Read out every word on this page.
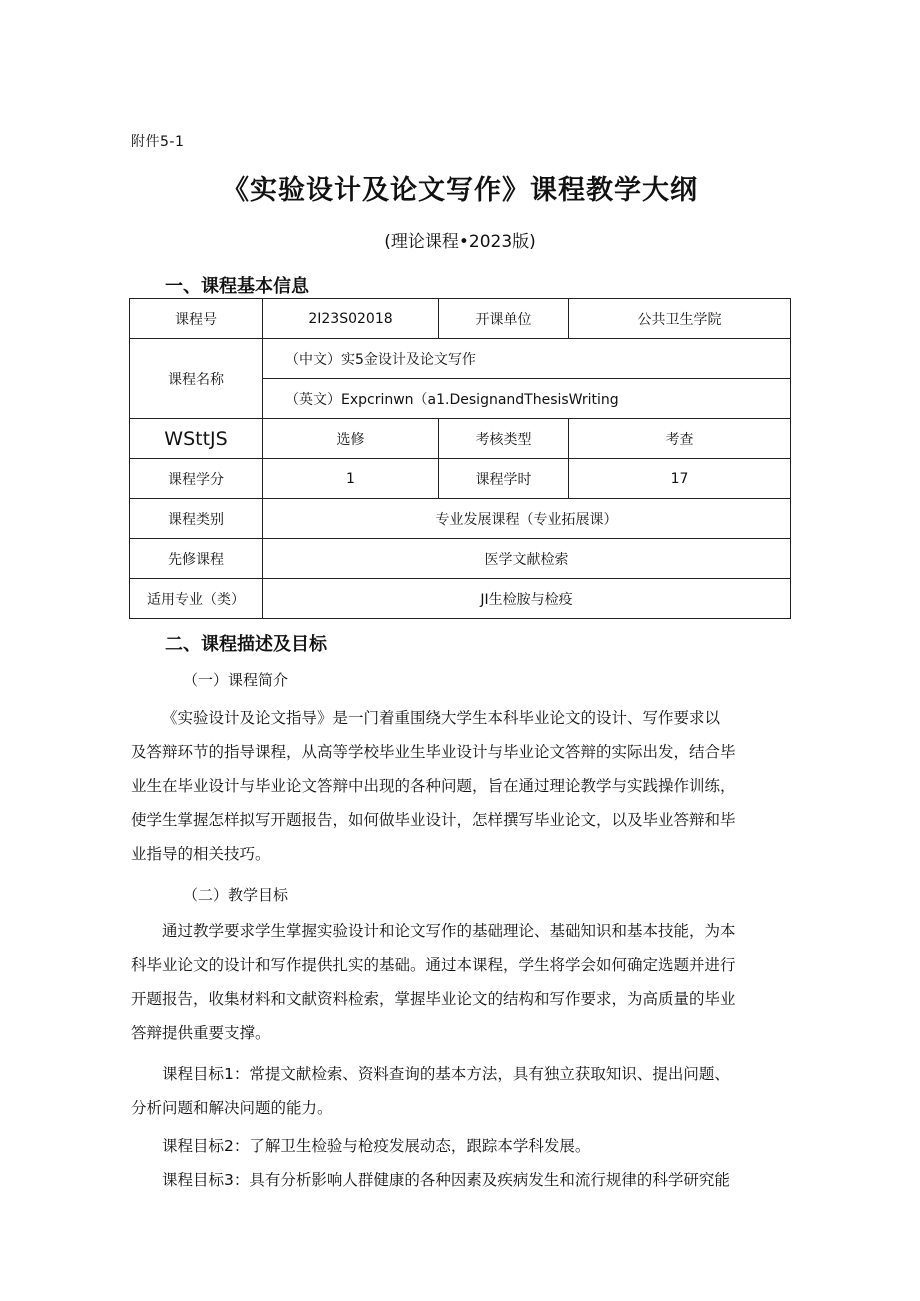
附件5-1
《实验设计及论文写作》课程教学大纲
(理论课程•2023版)
一、课程基本信息
课程号	2I23S02018	开课单位	公共卫生学院
课程名称	（中文）实5金设计及论文写作		
	（英文）Expcrinwn（a1.DesignandThesisWriting		
WSttJS	选修	考核类型	考查
课程学分	1	课程学时	17
课程类别	专业发展课程（专业拓展课）		
先修课程	医学文献检索		
适用专业（类）	JI生检胺与检疫		
二、课程描述及目标
（一）课程简介

《实验设计及论文指导》是一门着重围绕大学生本科毕业论文的设计、写作要求以

及答辩环节的指导课程，从高等学校毕业生毕业设计与毕业论文答辩的实际出发，结合毕

业生在毕业设计与毕业论文答辩中出现的各种问题，旨在通过理论教学与实践操作训练，

使学生掌握怎样拟写开题报告，如何做毕业设计，怎样撰写毕业论文，以及毕业答辩和毕

业指导的相关技巧。

（二）教学目标

通过教学要求学生掌握实验设计和论文写作的基础理论、基础知识和基本技能，为本

科毕业论文的设计和写作提供扎实的基础。通过本课程，学生将学会如何确定选题并进行

开题报告，收集材料和文献资料检索，掌握毕业论文的结构和写作要求，为高质量的毕业

答辩提供重要支撑。

课程目标1：常提文献检索、资料查询的基本方法，具有独立获取知识、提出问题、

分析问题和解决问题的能力。

课程目标2：了解卫生检验与枪疫发展动态，跟踪本学科发展。

课程目标3：具有分析影响人群健康的各种因素及疾病发生和流行规律的科学研究能
